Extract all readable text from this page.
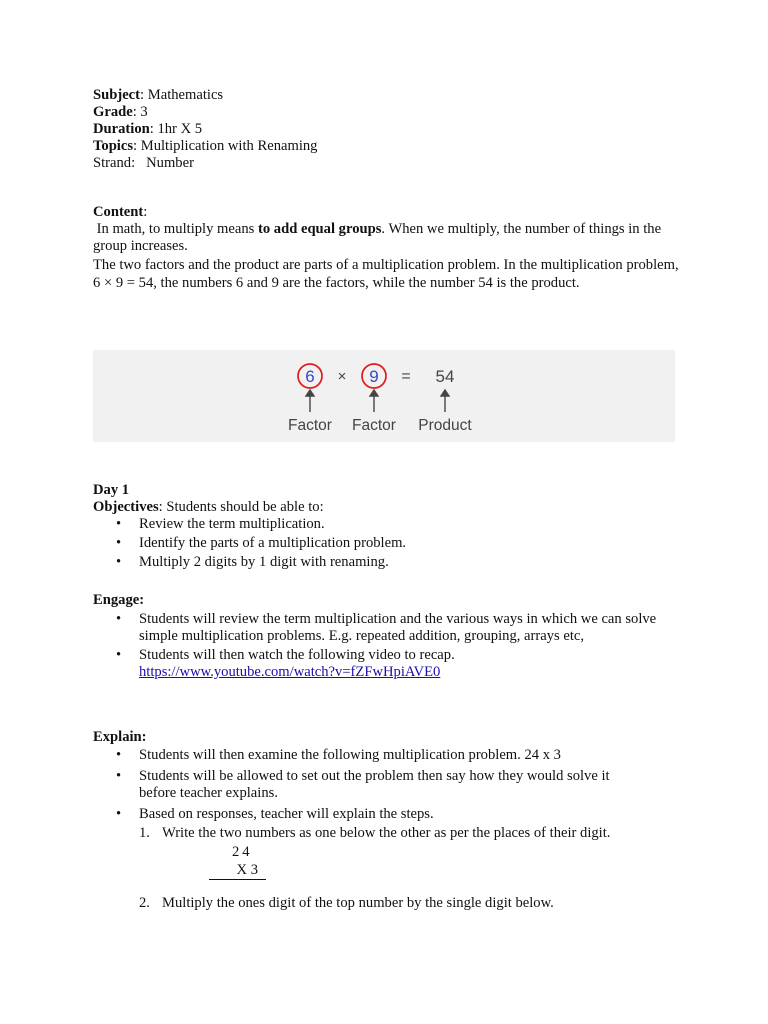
Subject: Mathematics
Grade: 3
Duration: 1hr X 5
Topics: Multiplication with Renaming
Strand:   Number
Content:
In math, to multiply means to add equal groups. When we multiply, the number of things in the group increases.
The two factors and the product are parts of a multiplication problem. In the multiplication problem, 6 × 9 = 54, the numbers 6 and 9 are the factors, while the number 54 is the product.
6 × 9 = 54
Factor Factor Product
Day 1
Objectives: Students should be able to:
• Review the term multiplication.
• Identify the parts of a multiplication problem.
• Multiply 2 digits by 1 digit with renaming.
Engage:
• Students will review the term multiplication and the various ways in which we can solve simple multiplication problems. E.g. repeated addition, grouping, arrays etc,
• Students will then watch the following video to recap.
https://www.youtube.com/watch?v=fZFwHpiAVE0
Explain:
• Students will then examine the following multiplication problem. 24 x 3
• Students will be allowed to set out the problem then say how they would solve it before teacher explains.
• Based on responses, teacher will explain the steps.
1. Write the two numbers as one below the other as per the places of their digit.
24
X 3
2. Multiply the ones digit of the top number by the single digit below.
